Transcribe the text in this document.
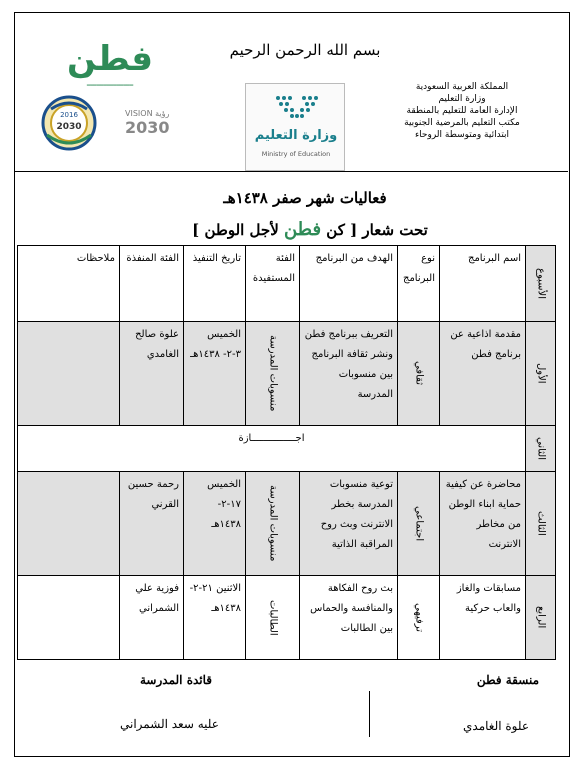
بسم الله الرحمن الرحيم
المملكة العربية السعودية
وزارة التعليم
الإدارة العامة للتعليم بالمنطقة
مكتب التعليم بالمرضية الجنوبية
ابتدائية ومتوسطة الروحاء
وزارة التعليم
Ministry of Education
فطن
━━━━━━━━━━━━━━
2016
2030
VISION رؤية
2030
فعاليات شهر صفر ١٤٣٨هـ
تحت شعار [ كن فطن لأجل الوطن ]
الأسبوع	اسم البرنامج	نوع البرنامج	الهدف من البرنامج	الفئة المستفيدة	تاريخ التنفيذ	الفئة المنفذة	ملاحظات
الأول	مقدمة اذاعية عن برنامج فطن	ثقافي	التعريف ببرنامج فطن ونشر ثقافة البرنامج بين منسوبات المدرسة	منسوبات المدرسة	الخميس ٣-٢- ١٤٣٨هـ	علوة صالح الغامدي	
الثاني	اجـــــــــــــــازة						
الثالث	محاضرة عن كيفية حماية ابناء الوطن من مخاطر الانترنت	اجتماعي	توعية منسوبات المدرسة بخطر الانترنت وبث روح المراقبة الذاتية	منسوبات المدرسة	الخميس ١٧-٢- ١٤٣٨هـ	رحمة حسين القرني	
الرابع	مسابقات والغاز والعاب حركية	ترفيهي	بث روح الفكاهة والمنافسة والحماس بين الطالبات	الطالبات	الاثنين ٢١-٢- ١٤٣٨هـ	فوزية علي الشمراني	
منسقة فطن
قائدة المدرسة
علوة الغامدي
عليه سعد الشمراني
